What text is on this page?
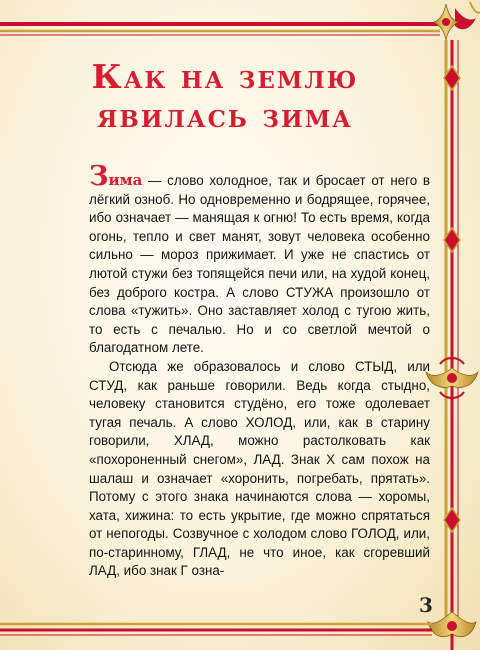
Как на землю
явилась зима

Зима — слово холодное, так и бросает от него в лёгкий озноб. Но одновременно и бодрящее, горячее, ибо означает — манящая к огню! То есть время, когда огонь, тепло и свет манят, зовут человека особенно сильно — мороз прижимает. И уже не спастись от лютой стужи без топящейся печи или, на худой конец, без доброго костра. А слово СТУЖА произошло от слова «тужить». Оно заставляет холод с тугою жить, то есть с печалью. Но и со светлой мечтой о благодатном лете.

Отсюда же образовалось и слово СТЫД, или СТУД, как раньше говорили. Ведь когда стыдно, человеку становится студёно, его тоже одолевает тугая печаль. А слово ХОЛОД, или, как в старину говорили, ХЛАД, можно растолковать как «похороненный снегом», ЛАД. Знак Х сам похож на шалаш и означает «хоронить, погребать, прятать». Потому с этого знака начинаются слова — хоромы, хата, хижина: то есть укрытие, где можно спрятаться от непогоды. Созвучное с холодом слово ГОЛОД, или, по-старинному, ГЛАД, не что иное, как сгоревший ЛАД, ибо знак Г озна-

3
